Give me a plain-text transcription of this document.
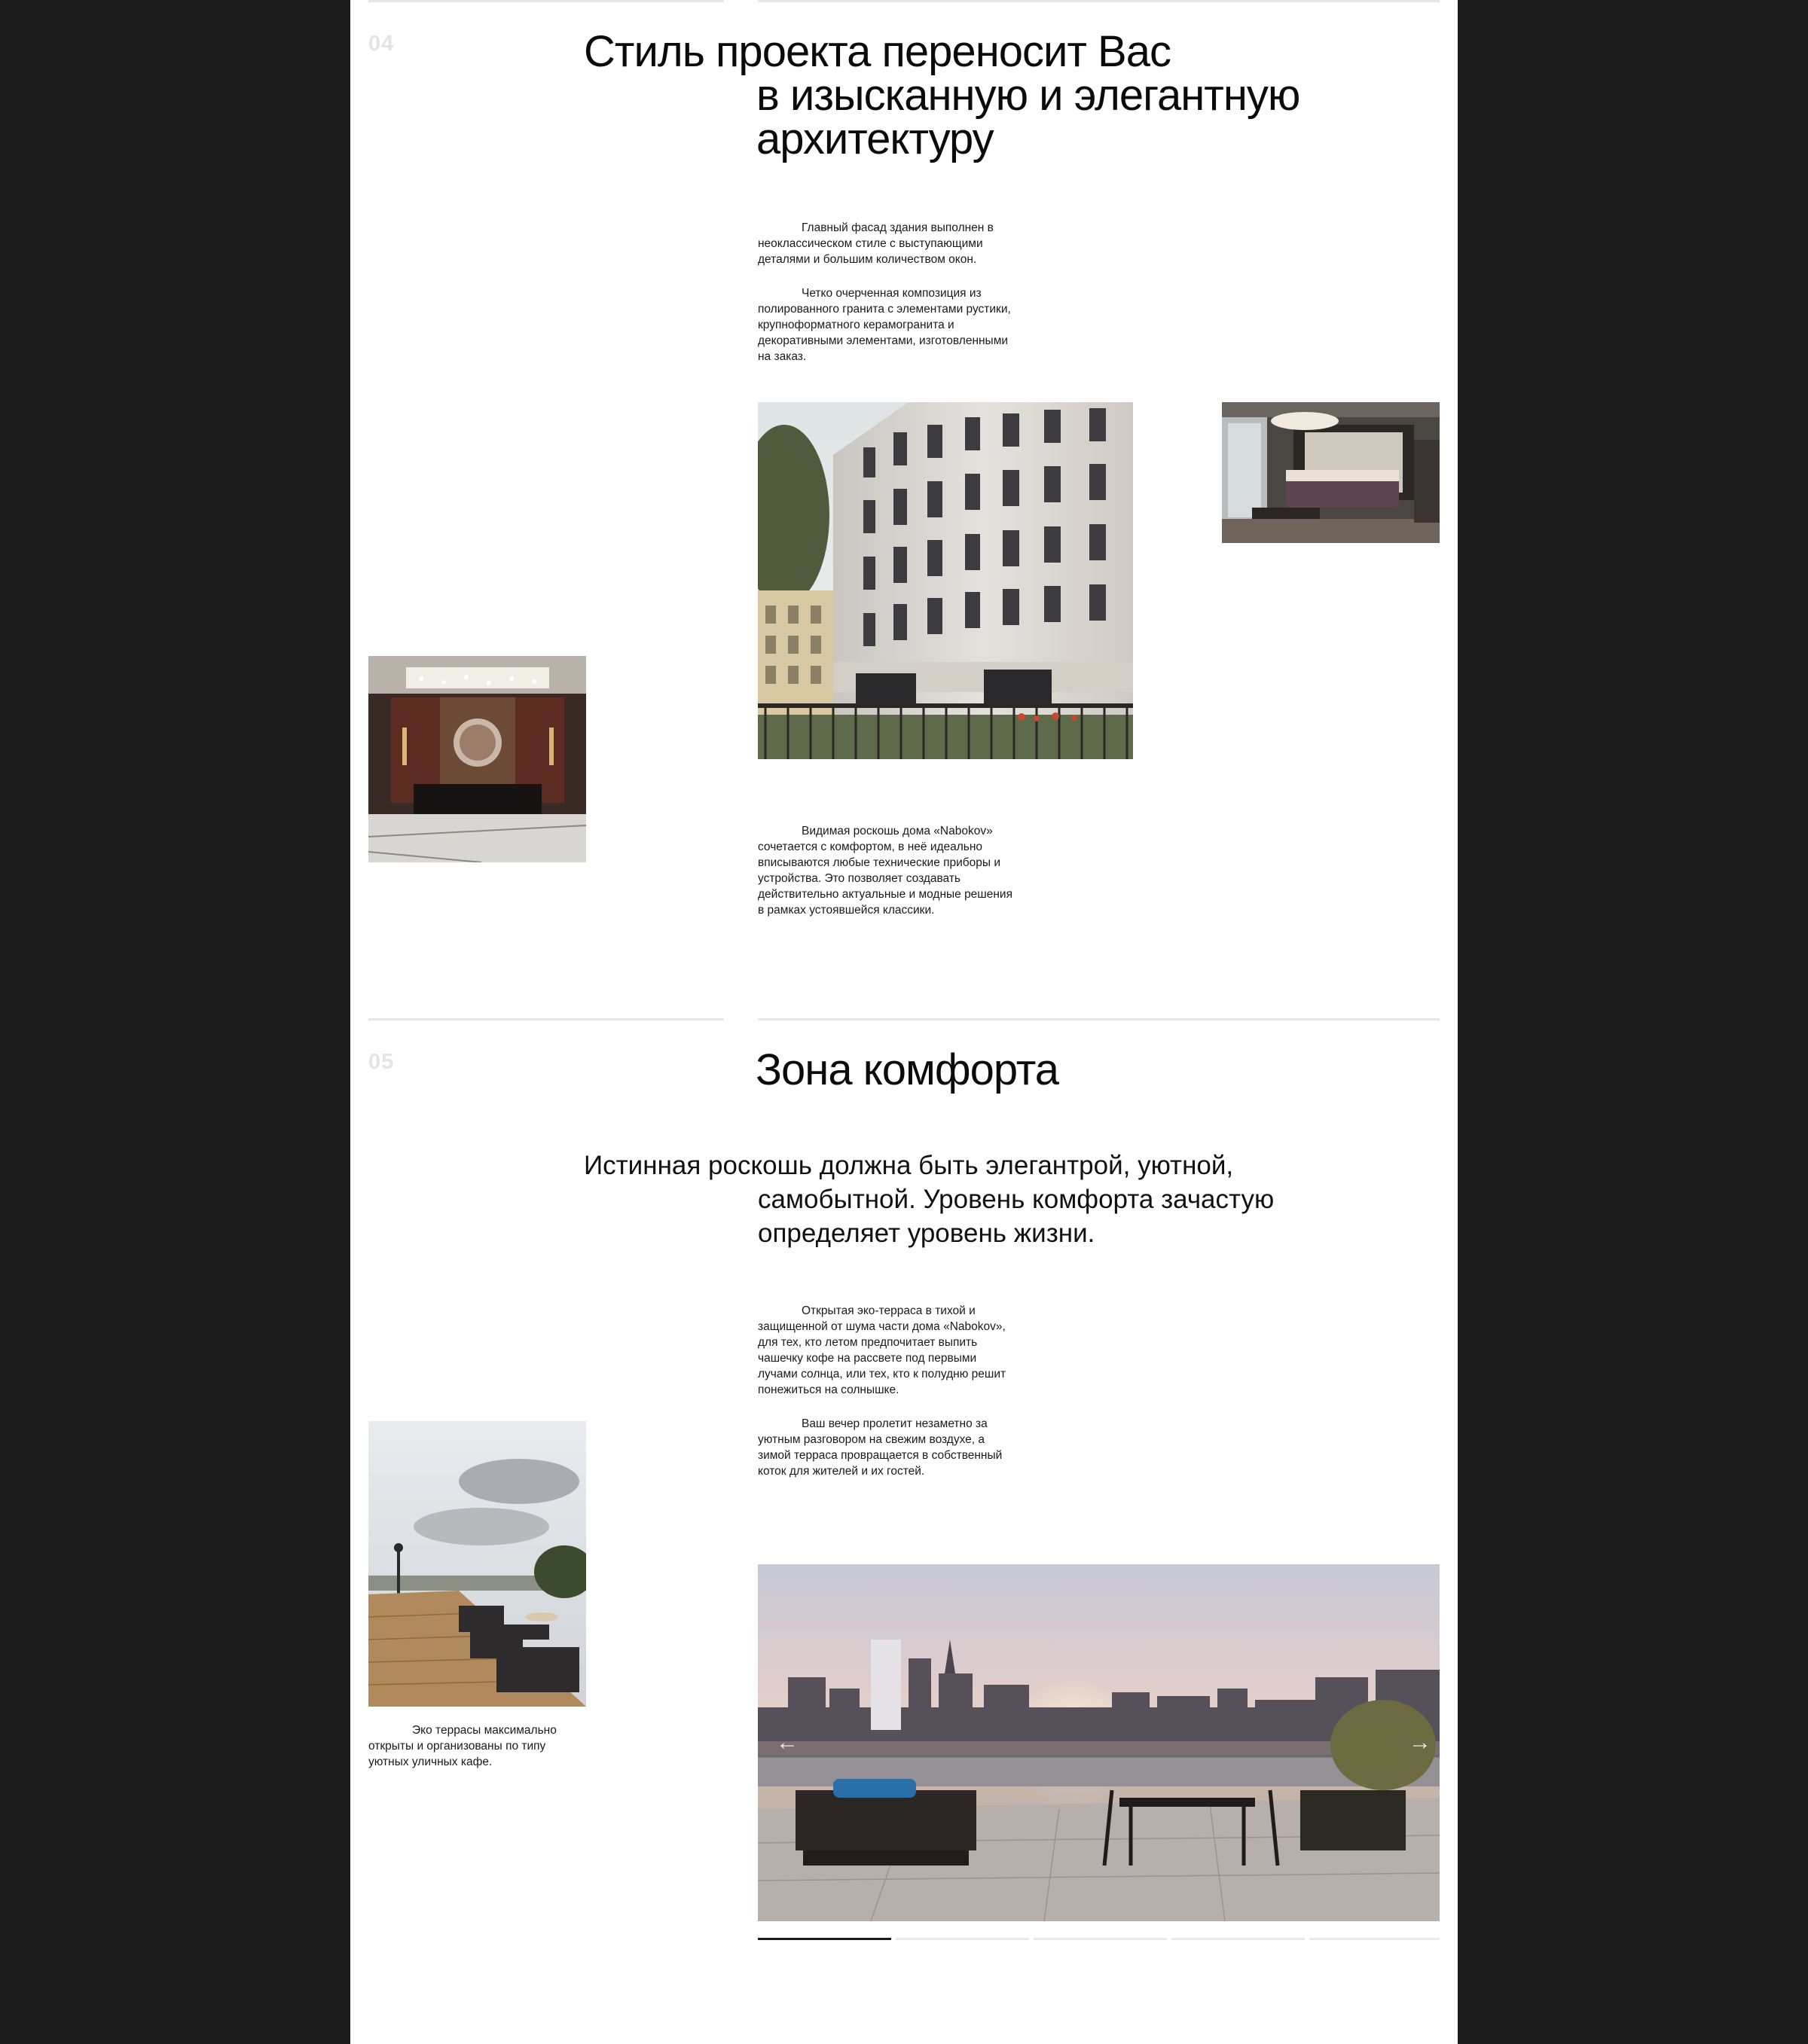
04	Стиль проекта переносит Вас
в изысканную и элегантную
архитектуру

Главный фасад здания выполнен в неоклассическом стиле с выступающими деталями и большим количеством окон.

Четко очерченная композиция из полированного гранита с элементами рустики, крупноформатного керамогранита и декоративными элементами, изготовленными на заказ.

Видимая роскошь дома «Nabokov» сочетается с комфортом, в неё идеально вписываются любые технические приборы и устройства. Это позволяет создавать действительно актуальные и модные решения в рамках устоявшейся классики.

05	Зона комфорта

Истинная роскошь должна быть элегантрой, уютной,
самобытной. Уровень комфорта зачастую
определяет уровень жизни.

Открытая эко-терраса в тихой и защищенной от шума части дома «Nabokov», для тех, кто летом предпочитает выпить чашечку кофе на рассвете под первыми лучами солнца, или тех, кто к полудню решит понежиться на солнышке.

Ваш вечер пролетит незаметно за уютным разговором на свежим воздухе, а зимой терраса провращается в собственный коток для жителей и их гостей.

Эко террасы максимально открыты и организованы по типу уютных уличных кафе.

←	→
